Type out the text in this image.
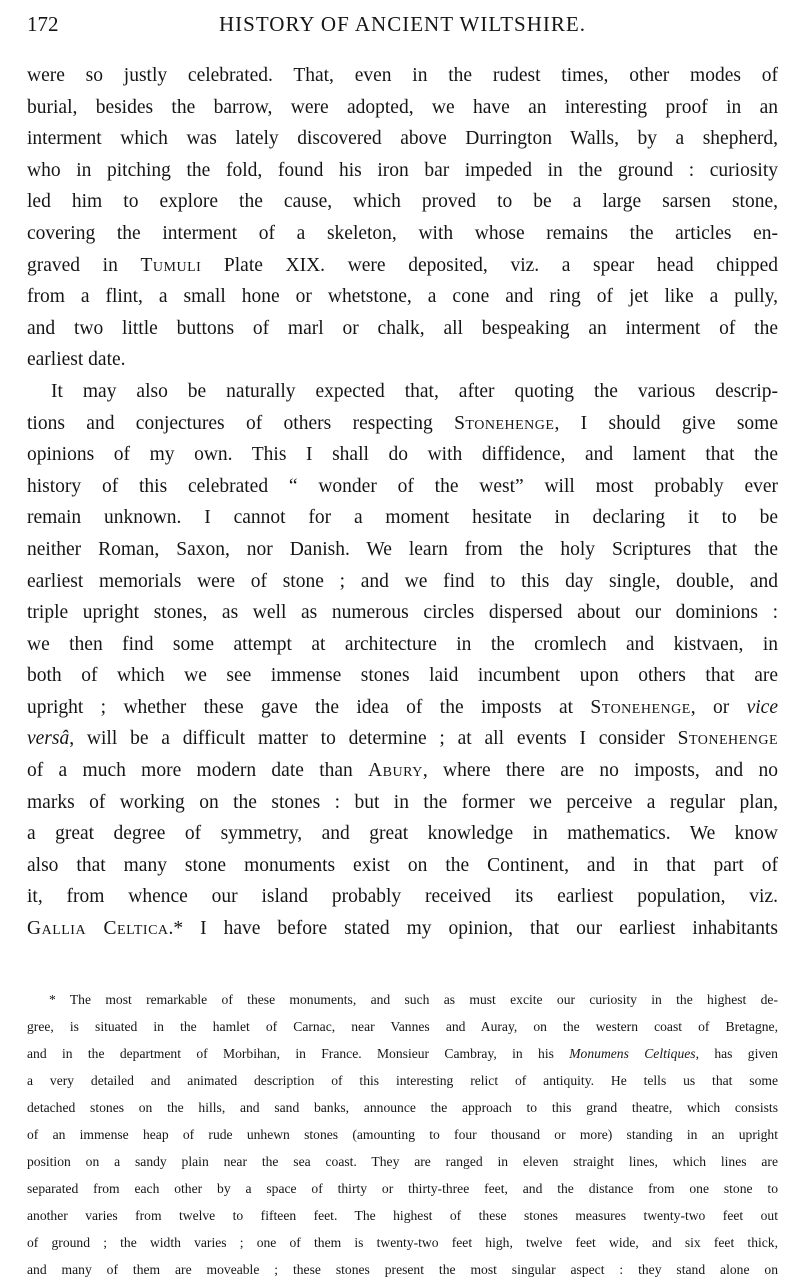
172	HISTORY OF ANCIENT WILTSHIRE.
were so justly celebrated. That, even in the rudest times, other modes of
burial, besides the barrow, were adopted, we have an interesting proof in an
interment which was lately discovered above Durrington Walls, by a shepherd,
who in pitching the fold, found his iron bar impeded in the ground : curiosity
led him to explore the cause, which proved to be a large sarsen stone,
covering the interment of a skeleton, with whose remains the articles en-
graved in Tumuli Plate XIX. were deposited, viz. a spear head chipped
from a flint, a small hone or whetstone, a cone and ring of jet like a pully,
and two little buttons of marl or chalk, all bespeaking an interment of the
earliest date.
It may also be naturally expected that, after quoting the various descrip-
tions and conjectures of others respecting Stonehenge, I should give some
opinions of my own. This I shall do with diffidence, and lament that the
history of this celebrated “ wonder of the west” will most probably ever
remain unknown. I cannot for a moment hesitate in declaring it to be
neither Roman, Saxon, nor Danish. We learn from the holy Scriptures that the
earliest memorials were of stone ; and we find to this day single, double, and
triple upright stones, as well as numerous circles dispersed about our dominions :
we then find some attempt at architecture in the cromlech and kistvaen, in
both of which we see immense stones laid incumbent upon others that are
upright ; whether these gave the idea of the imposts at Stonehenge, or vice
versâ, will be a difficult matter to determine ; at all events I consider Stonehenge
of a much more modern date than Abury, where there are no imposts, and no
marks of working on the stones : but in the former we perceive a regular plan,
a great degree of symmetry, and great knowledge in mathematics. We know
also that many stone monuments exist on the Continent, and in that part of
it, from whence our island probably received its earliest population, viz.
Gallia Celtica.* I have before stated my opinion, that our earliest inhabitants
* The most remarkable of these monuments, and such as must excite our curiosity in the highest de-
gree, is situated in the hamlet of Carnac, near Vannes and Auray, on the western coast of Bretagne,
and in the department of Morbihan, in France. Monsieur Cambray, in his Monumens Celtiques, has given
a very detailed and animated description of this interesting relict of antiquity. He tells us that some
detached stones on the hills, and sand banks, announce the approach to this grand theatre, which consists
of an immense heap of rude unhewn stones (amounting to four thousand or more) standing in an upright
position on a sandy plain near the sea coast. They are ranged in eleven straight lines, which lines are
separated from each other by a space of thirty or thirty-three feet, and the distance from one stone to
another varies from twelve to fifteen feet. The highest of these stones measures twenty-two feet out
of ground ; the width varies ; one of them is twenty-two feet high, twelve feet wide, and six feet thick,
and many of them are moveable ; these stones present the most singular aspect : they stand alone on
